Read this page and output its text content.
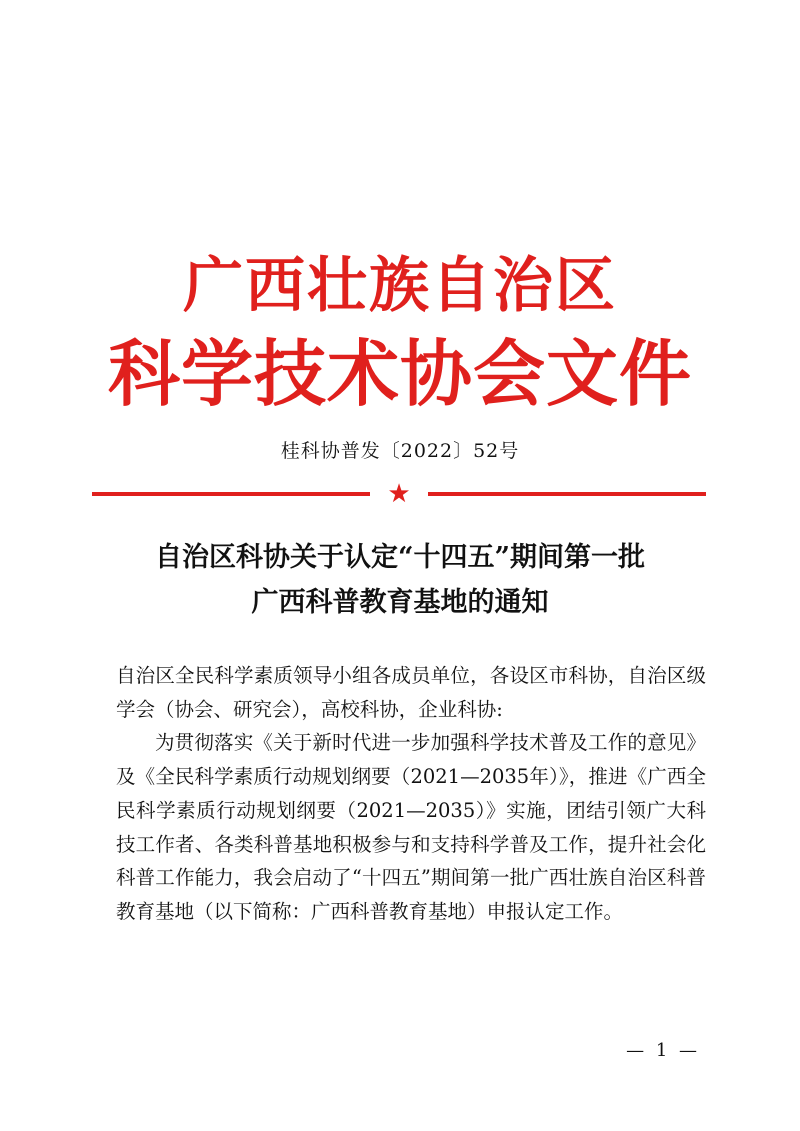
广西壮族自治区
科学技术协会文件
桂科协普发〔2022〕52号
★
自治区科协关于认定“十四五”期间第一批
广西科普教育基地的通知

自治区全民科学素质领导小组各成员单位，各设区市科协，自治区级学会（协会、研究会），高校科协，企业科协:

为贯彻落实《关于新时代进一步加强科学技术普及工作的意见》及《全民科学素质行动规划纲要（2021—2035年）》，推进《广西全民科学素质行动规划纲要（2021—2035）》实施，团结引领广大科技工作者、各类科普基地积极参与和支持科学普及工作，提升社会化科普工作能力，我会启动了“十四五”期间第一批广西壮族自治区科普教育基地（以下简称：广西科普教育基地）申报认定工作。

— 1 —
